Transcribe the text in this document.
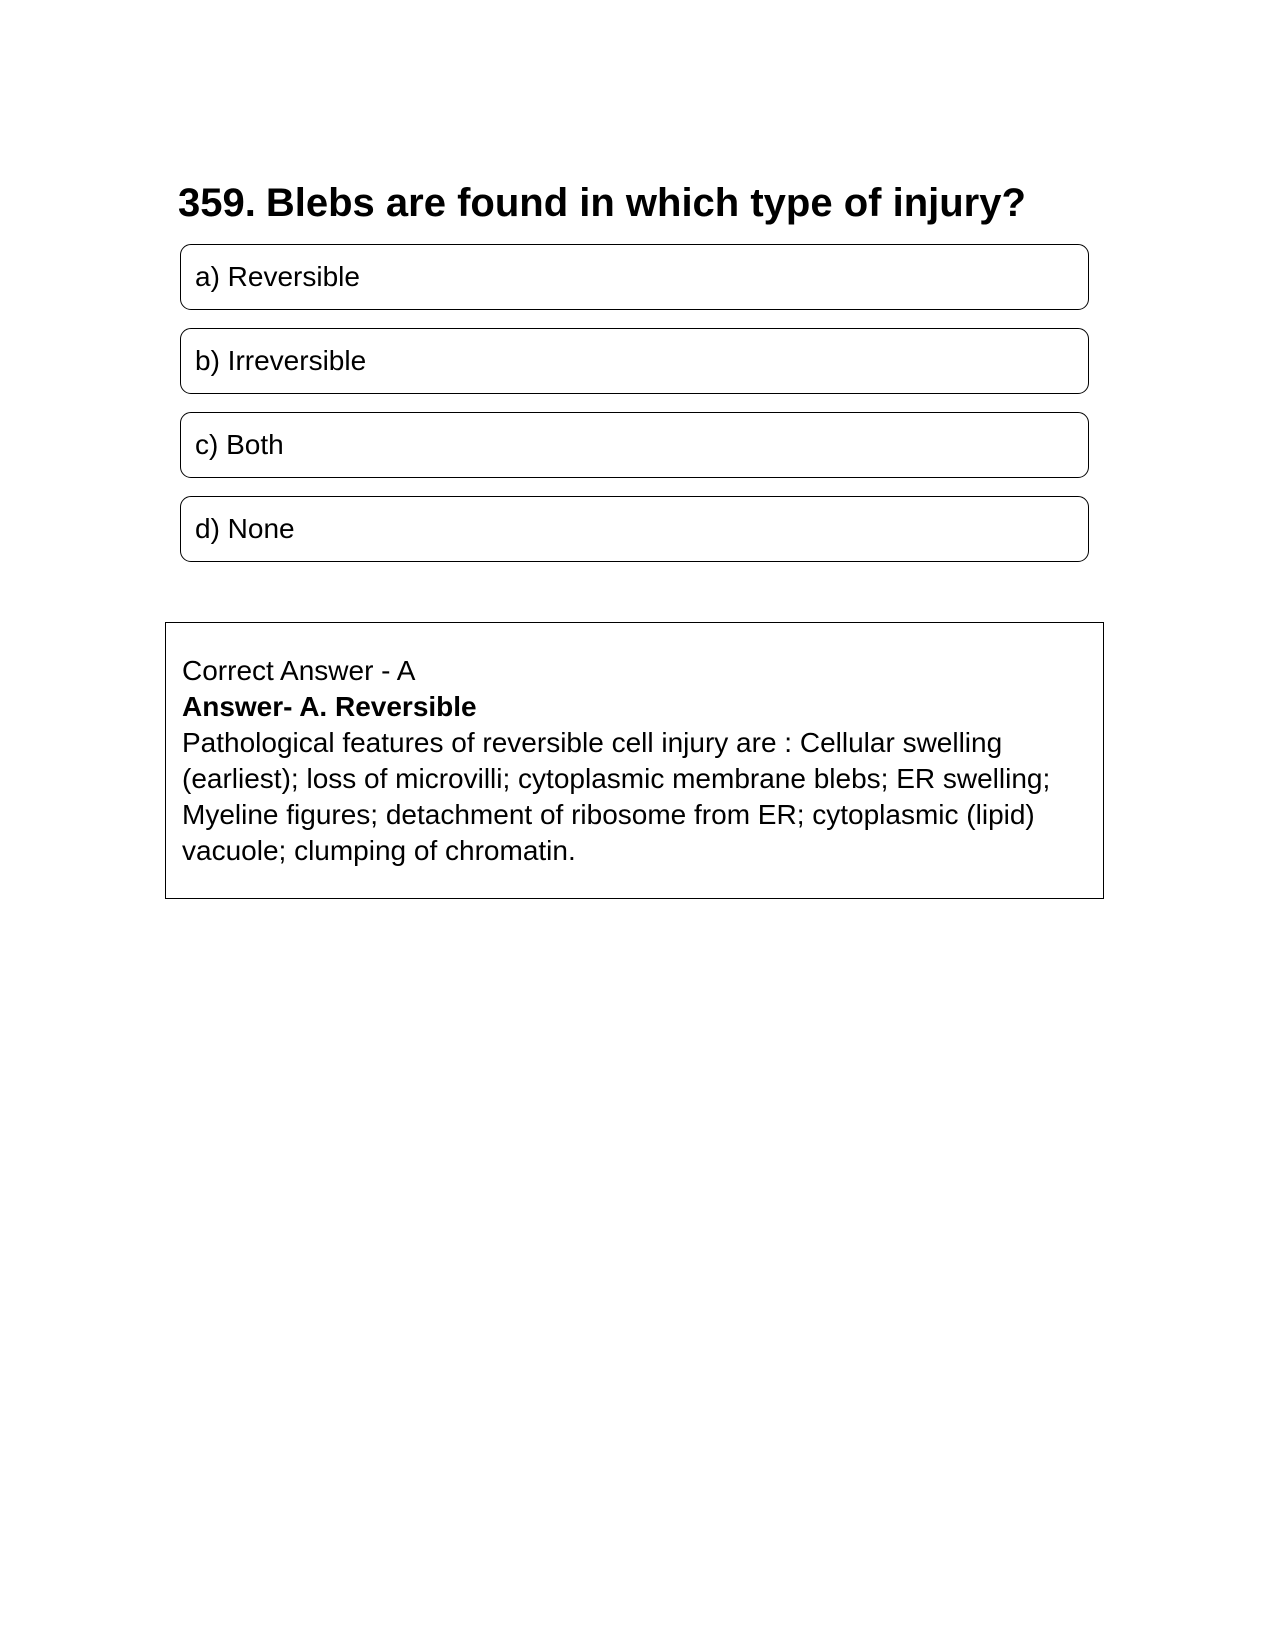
359. Blebs are found in which type of injury?
a) Reversible
b) Irreversible
c) Both
d) None
Correct Answer - A
Answer- A. Reversible
Pathological features of reversible cell injury are : Cellular swelling (earliest); loss of microvilli; cytoplasmic membrane blebs; ER swelling; Myeline figures; detachment of ribosome from ER; cytoplasmic (lipid) vacuole; clumping of chromatin.
